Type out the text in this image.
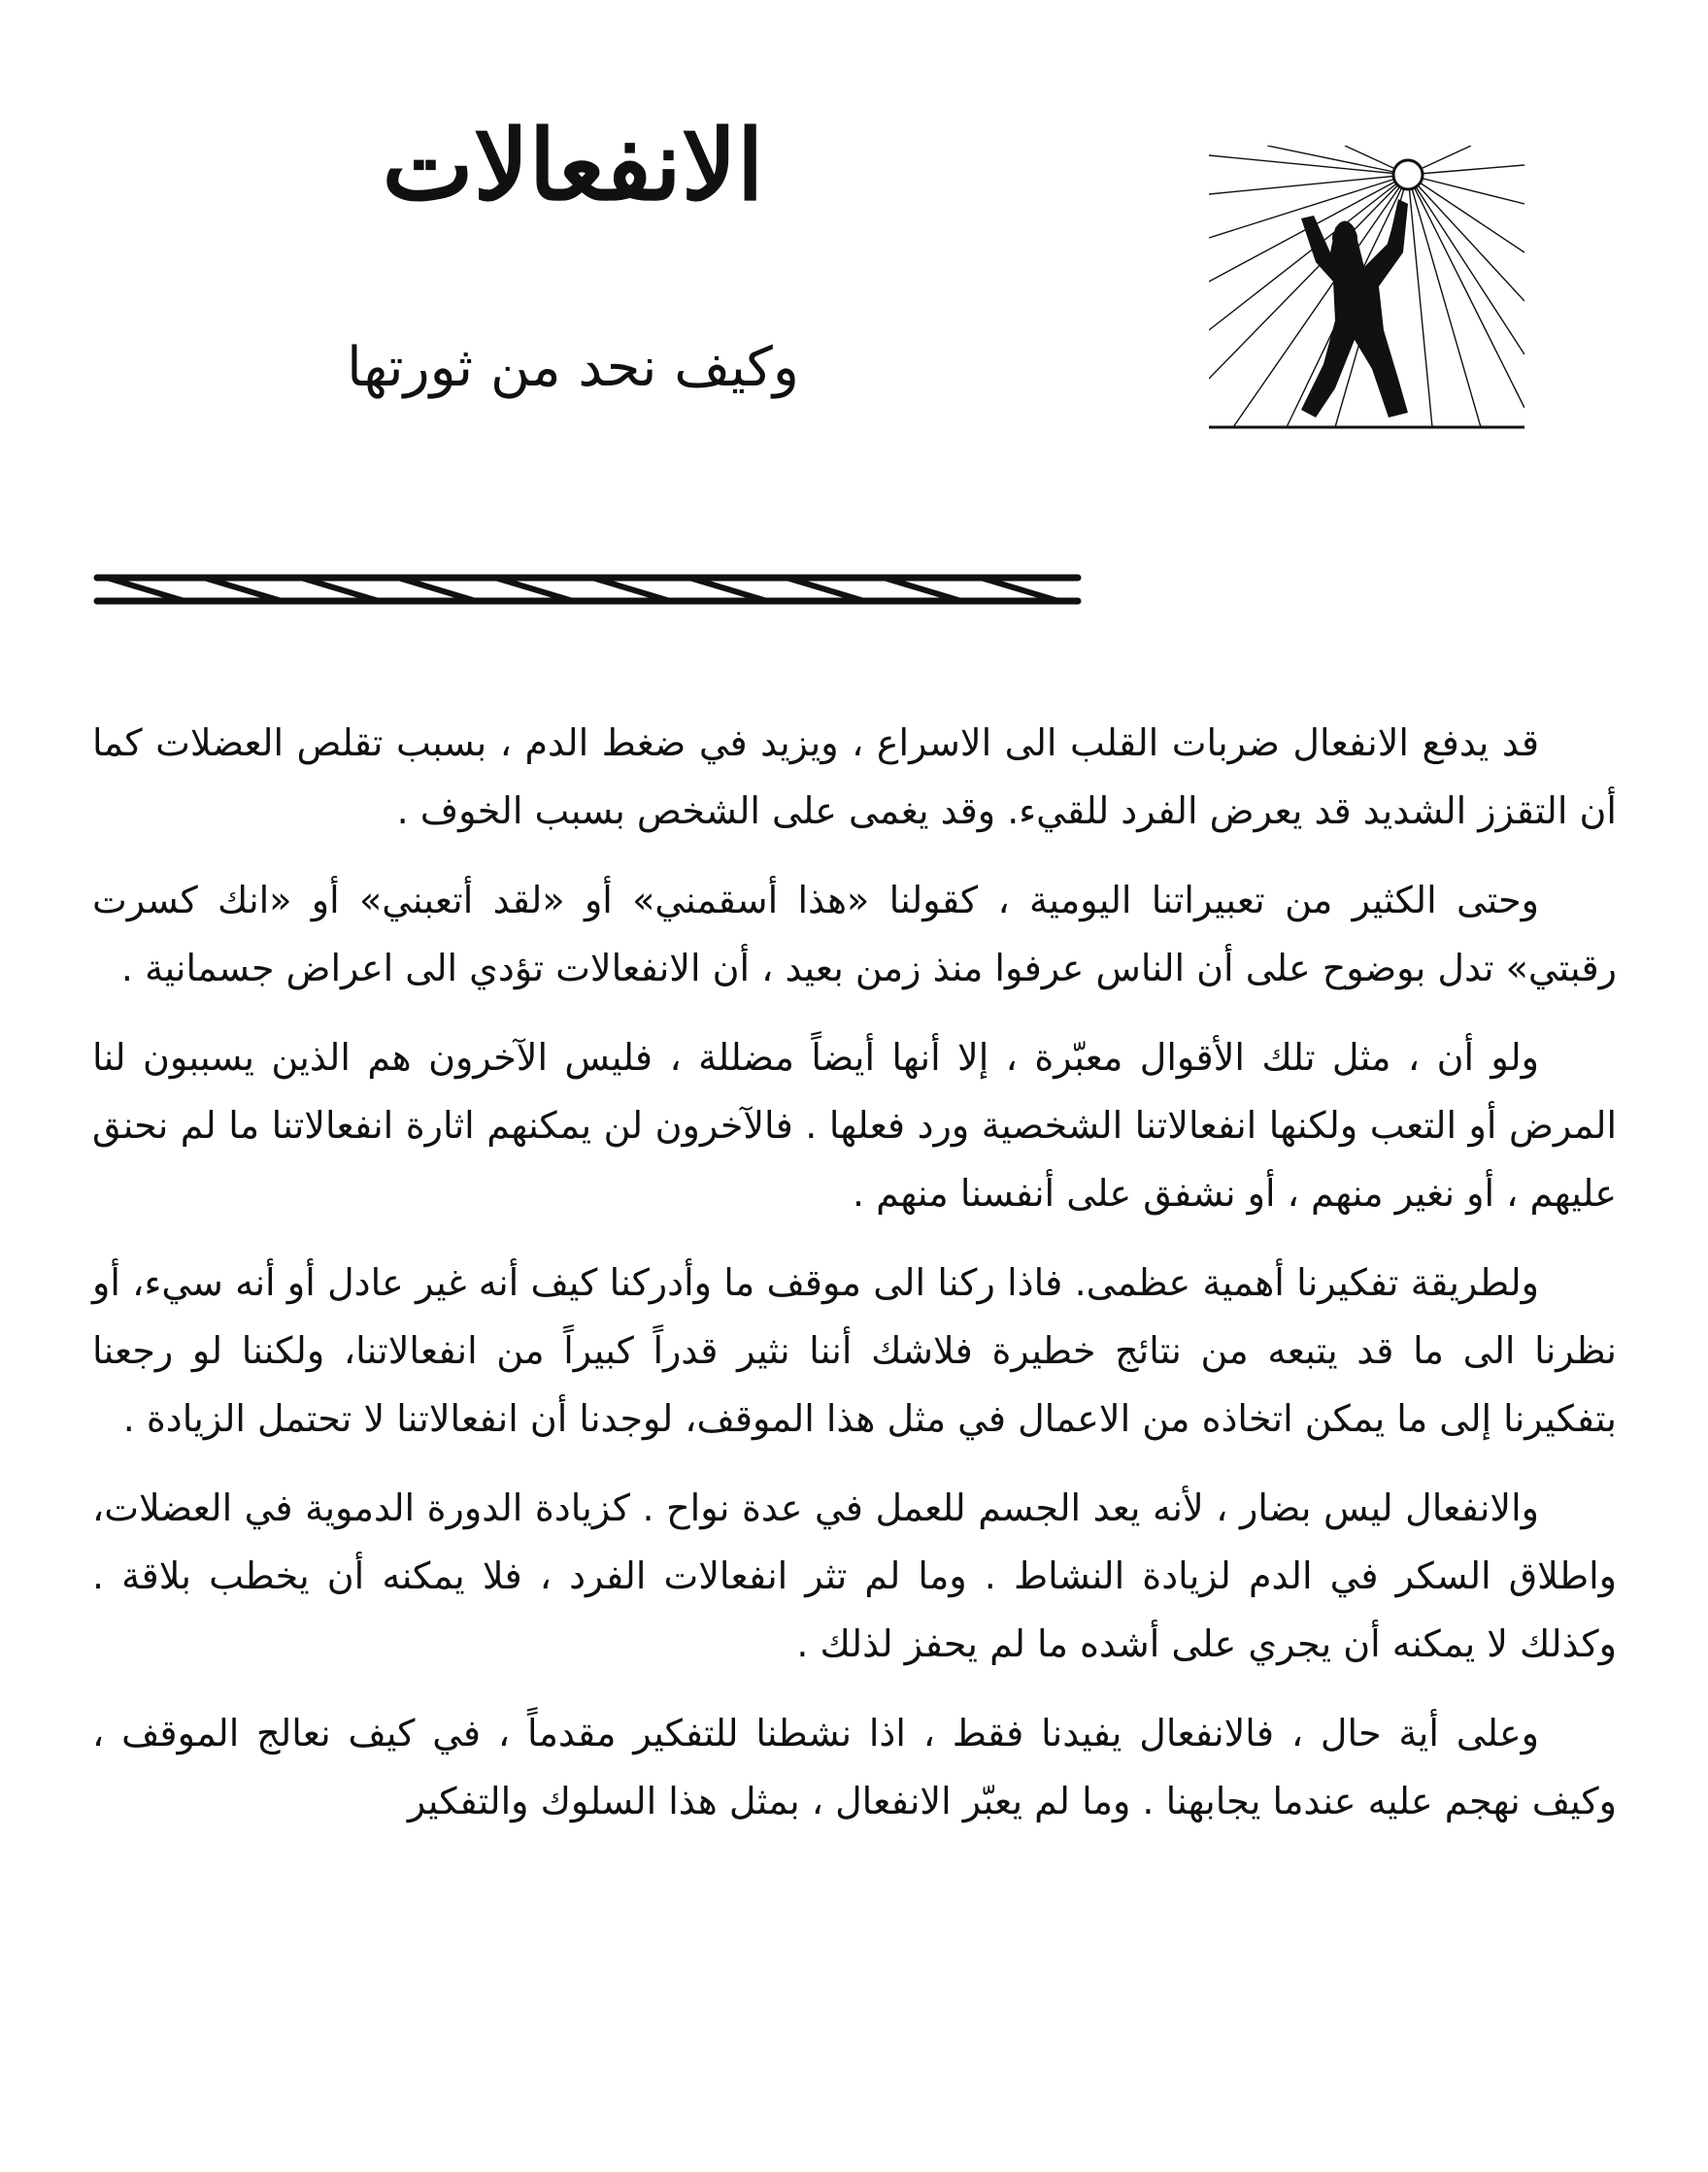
الانفعالات
وكيف نحد من ثورتها

قد يدفع الانفعال ضربات القلب الى الاسراع ، ويزيد في ضغط الدم ، بسبب تقلص العضلات كما أن التقزز الشديد قد يعرض الفرد للقيء. وقد يغمى على الشخص بسبب الخوف .

وحتى الكثير من تعبيراتنا اليومية ، كقولنا «هذا أسقمني» أو «لقد أتعبني» أو «انك كسرت رقبتي» تدل بوضوح على أن الناس عرفوا منذ زمن بعيد ، أن الانفعالات تؤدي الى اعراض جسمانية .

ولو أن ، مثل تلك الأقوال معبّرة ، إلا أنها أيضاً مضللة ، فليس الآخرون هم الذين يسببون لنا المرض أو التعب ولكنها انفعالاتنا الشخصية ورد فعلها . فالآخرون لن يمكنهم اثارة انفعالاتنا ما لم نحنق عليهم ، أو نغير منهم ، أو نشفق على أنفسنا منهم .

ولطريقة تفكيرنا أهمية عظمى. فاذا ركنا الى موقف ما وأدركنا كيف أنه غير عادل أو أنه سيء، أو نظرنا الى ما قد يتبعه من نتائج خطيرة فلاشك أننا نثير قدراً كبيراً من انفعالاتنا، ولكننا لو رجعنا بتفكيرنا إلى ما يمكن اتخاذه من الاعمال في مثل هذا الموقف، لوجدنا أن انفعالاتنا لا تحتمل الزيادة .

والانفعال ليس بضار ، لأنه يعد الجسم للعمل في عدة نواح . كزيادة الدورة الدموية في العضلات، واطلاق السكر في الدم لزيادة النشاط . وما لم تثر انفعالات الفرد ، فلا يمكنه أن يخطب بلاقة . وكذلك لا يمكنه أن يجري على أشده ما لم يحفز لذلك .

وعلى أية حال ، فالانفعال يفيدنا فقط ، اذا نشطنا للتفكير مقدماً ، في كيف نعالج الموقف ، وكيف نهجم عليه عندما يجابهنا . وما لم يعبّر الانفعال ، بمثل هذا السلوك والتفكير
